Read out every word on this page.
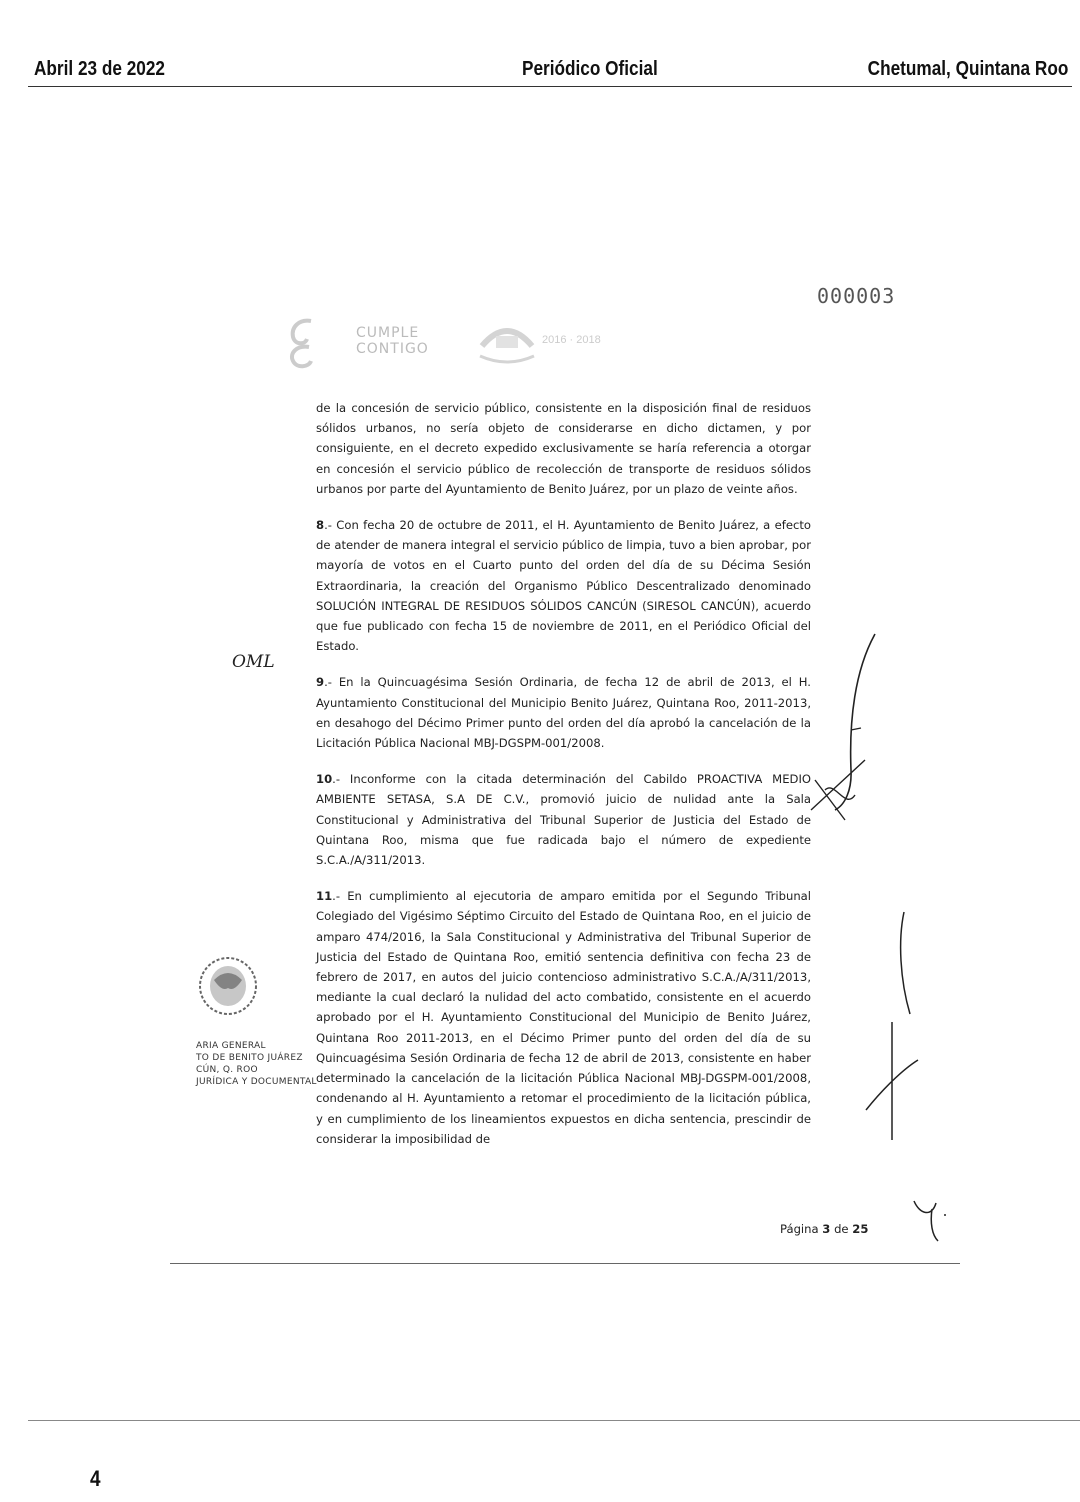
Abril 23 de 2022	Periódico Oficial	Chetumal, Quintana Roo
000003
CUMPLE
CONTIGO
2016 · 2018
OML

de la concesión de servicio público, consistente en la disposición final de residuos sólidos urbanos, no sería objeto de considerarse en dicho dictamen, y por consiguiente, en el decreto expedido exclusivamente se haría referencia a otorgar en concesión el servicio público de recolección de transporte de residuos sólidos urbanos por parte del Ayuntamiento de Benito Juárez, por un plazo de veinte años.

8.- Con fecha 20 de octubre de 2011, el H. Ayuntamiento de Benito Juárez, a efecto de atender de manera integral el servicio público de limpia, tuvo a bien aprobar, por mayoría de votos en el Cuarto punto del orden del día de su Décima Sesión Extraordinaria, la creación del Organismo Público Descentralizado denominado SOLUCIÓN INTEGRAL DE RESIDUOS SÓLIDOS CANCÚN (SIRESOL CANCÚN), acuerdo que fue publicado con fecha 15 de noviembre de 2011, en el Periódico Oficial del Estado.

9.- En la Quincuagésima Sesión Ordinaria, de fecha 12 de abril de 2013, el H. Ayuntamiento Constitucional del Municipio Benito Juárez, Quintana Roo, 2011-2013, en desahogo del Décimo Primer punto del orden del día aprobó la cancelación de la Licitación Pública Nacional MBJ-DGSPM-001/2008.

10.- Inconforme con la citada determinación del Cabildo PROACTIVA MEDIO AMBIENTE SETASA, S.A DE C.V., promovió juicio de nulidad ante la Sala Constitucional y Administrativa del Tribunal Superior de Justicia del Estado de Quintana Roo, misma que fue radicada bajo el número de expediente S.C.A./A/311/2013.

11.- En cumplimiento al ejecutoria de amparo emitida por el Segundo Tribunal Colegiado del Vigésimo Séptimo Circuito del Estado de Quintana Roo, en el juicio de amparo 474/2016, la Sala Constitucional y Administrativa del Tribunal Superior de Justicia del Estado de Quintana Roo, emitió sentencia definitiva con fecha 23 de febrero de 2017, en autos del juicio contencioso administrativo S.C.A./A/311/2013, mediante la cual declaró la nulidad del acto combatido, consistente en el acuerdo aprobado por el H. Ayuntamiento Constitucional del Municipio de Benito Juárez, Quintana Roo 2011-2013, en el Décimo Primer punto del orden del día de su Quincuagésima Sesión Ordinaria de fecha 12 de abril de 2013, consistente en haber determinado la cancelación de la licitación Pública Nacional MBJ-DGSPM-001/2008, condenando al H. Ayuntamiento a retomar el procedimiento de la licitación pública, y en cumplimiento de los lineamientos expuestos en dicha sentencia, prescindir de considerar la imposibilidad de

Página 3 de 25
ARIA GENERAL
TO DE BENITO JUÁREZ
CÚN, Q. ROO
JURÍDICA Y DOCUMENTAL
4
